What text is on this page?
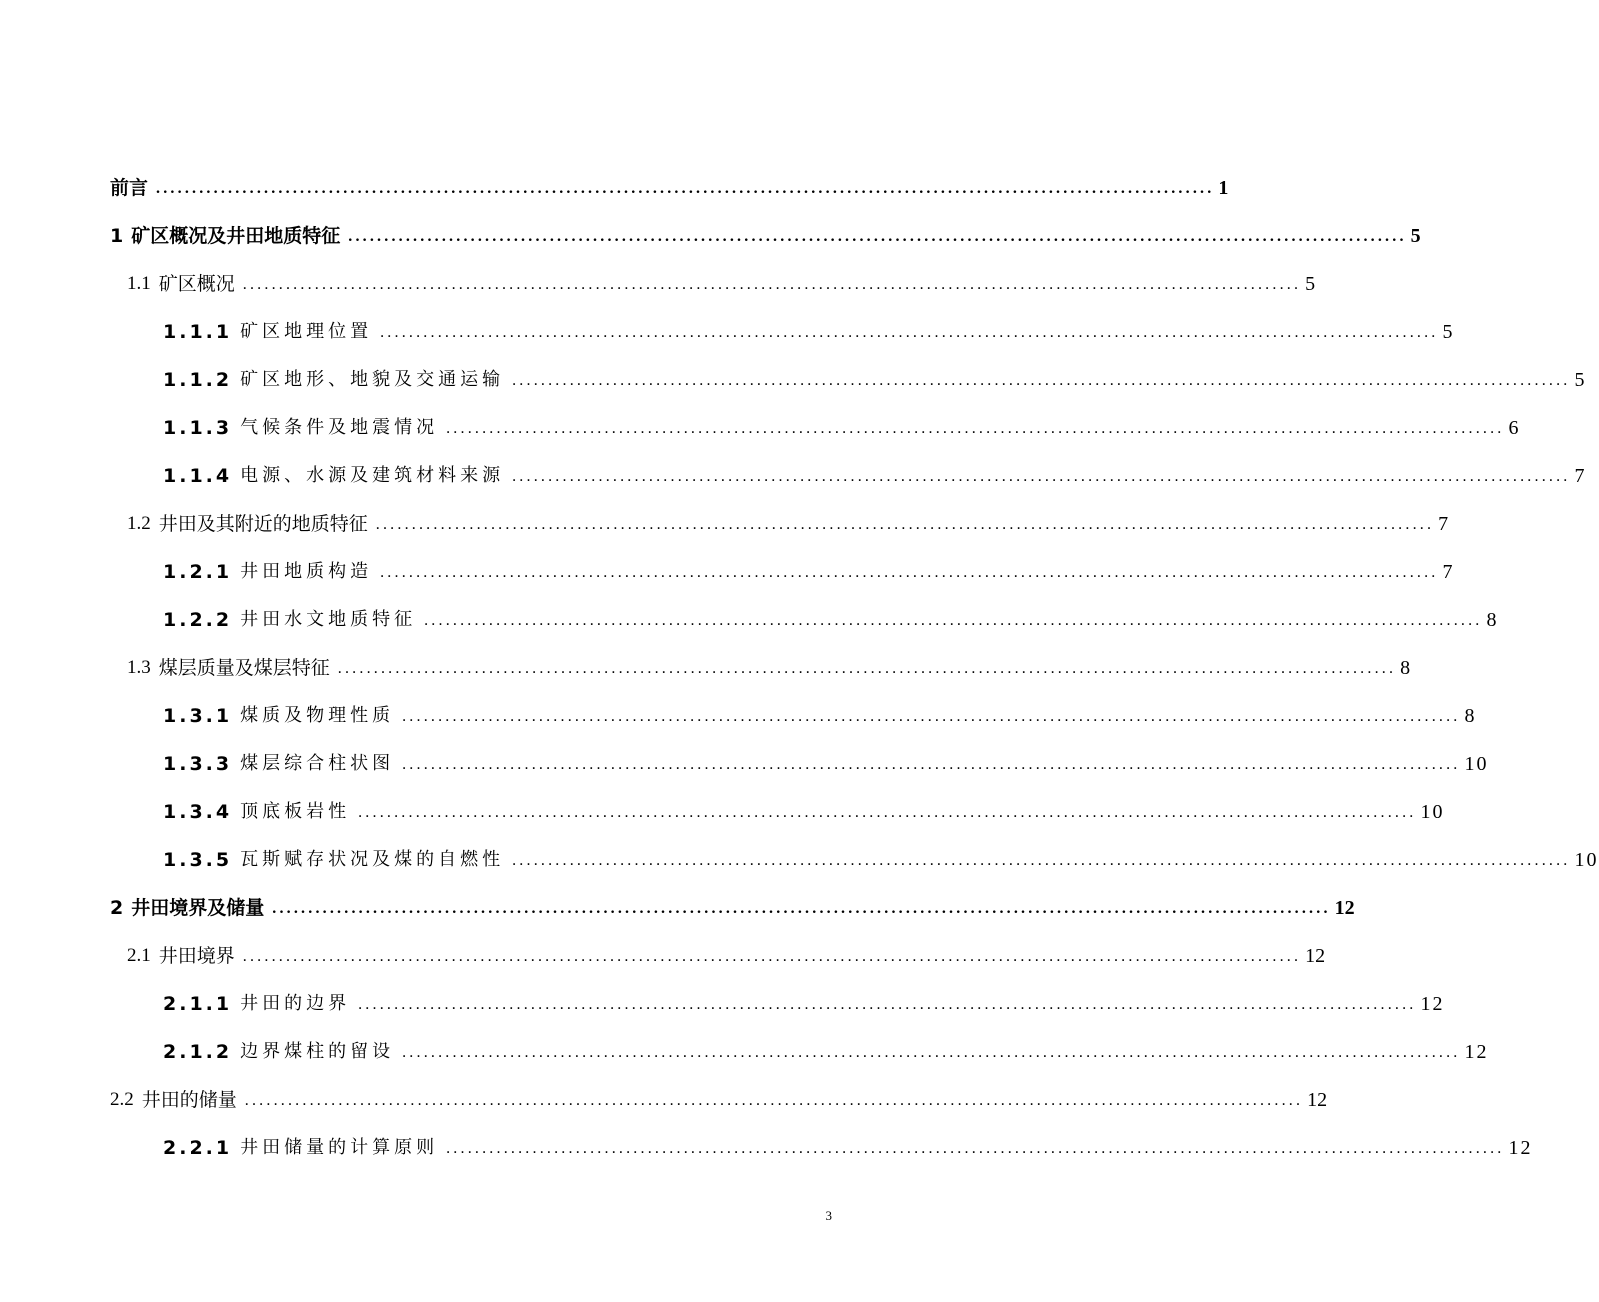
前言 ................................................................................................................................................... 1
1 矿区概况及井田地质特征 ................................................................................................................................................... 5
1.1 矿区概况 ................................................................................................................................................... 5
1.1.1 矿区地理位置 ................................................................................................................................................... 5
1.1.2 矿区地形、地貌及交通运输 ................................................................................................................................................... 5
1.1.3 气候条件及地震情况 ................................................................................................................................................... 6
1.1.4 电源、水源及建筑材料来源 ................................................................................................................................................... 7
1.2 井田及其附近的地质特征 ................................................................................................................................................... 7
1.2.1 井田地质构造 ................................................................................................................................................... 7
1.2.2 井田水文地质特征 ................................................................................................................................................... 8
1.3 煤层质量及煤层特征 ................................................................................................................................................... 8
1.3.1 煤质及物理性质 ................................................................................................................................................... 8
1.3.3 煤层综合柱状图 ................................................................................................................................................... 10
1.3.4 顶底板岩性 ................................................................................................................................................... 10
1.3.5 瓦斯赋存状况及煤的自燃性 ................................................................................................................................................... 10
2 井田境界及储量 ................................................................................................................................................... 12
2.1 井田境界 ................................................................................................................................................... 12
2.1.1 井田的边界 ................................................................................................................................................... 12
2.1.2 边界煤柱的留设 ................................................................................................................................................... 12
2.2 井田的储量 ................................................................................................................................................... 12
2.2.1 井田储量的计算原则 ................................................................................................................................................... 12
3
